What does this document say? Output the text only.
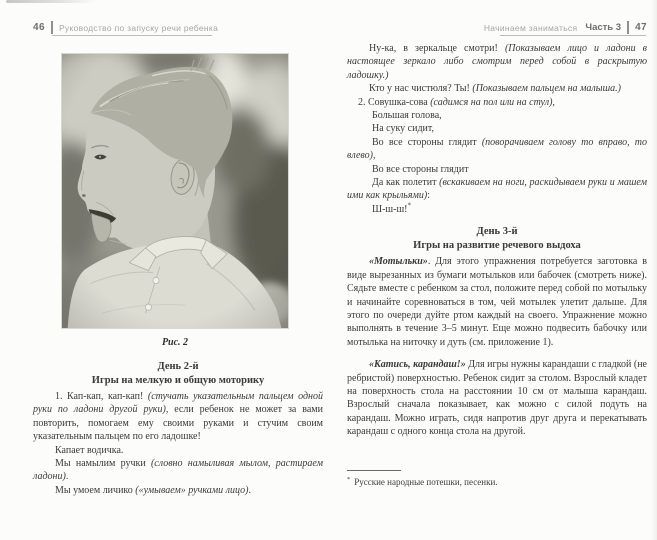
46 Руководство по запуску речи ребенка	Начинаем заниматься Часть 3 47
Рис. 2
День 2-й
Игры на мелкую и общую моторику
1. Кап-кап, кап-кап! (стучать указательным пальцем одной руки по ладони другой руки), если ребенок не может за вами повторить, помогаем ему своими руками и стучим своим указательным пальцем по его ладошке!
Капает водичка.
Мы намылим ручки (словно намыливая мылом, растираем ладони).
Мы умоем личико («умываем» ручками лицо).
Ну-ка, в зеркальце смотри! (Показываем лицо и ладони в настоящее зеркало либо смотрим перед собой в раскрытую ладошку.)
Кто у нас чистюля? Ты! (Показываем пальцем на малыша.)
2. Совушка-сова (садимся на пол или на стул),
Большая голова,
На суку сидит,
Во все стороны глядит (поворачиваем голову то вправо, то влево),
Во все стороны глядит
Да как полетит (вскакиваем на ноги, раскидываем руки и машем ими как крыльями):
Ш-ш-ш!*
День 3-й
Игры на развитие речевого выдоха
«Мотыльки». Для этого упражнения потребуется заготовка в виде вырезанных из бумаги мотыльков или бабочек (смотреть ниже). Сядьте вместе с ребенком за стол, положите перед собой по мотыльку и начинайте соревноваться в том, чей мотылек улетит дальше. Для этого по очереди дуйте ртом каждый на своего. Упражнение можно выполнять в течение 3–5 минут. Еще можно подвесить бабочку или мотылька на ниточку и дуть (см. приложение 1).
«Катись, карандаш!» Для игры нужны карандаши с гладкой (не ребристой) поверхностью. Ребенок сидит за столом. Взрослый кладет на поверхность стола на расстоянии 10 см от малыша карандаш. Взрослый сначала показывает, как можно с силой подуть на карандаш. Можно играть, сидя напротив друг друга и перекатывать карандаш с одного конца стола на другой.
* Русские народные потешки, песенки.
